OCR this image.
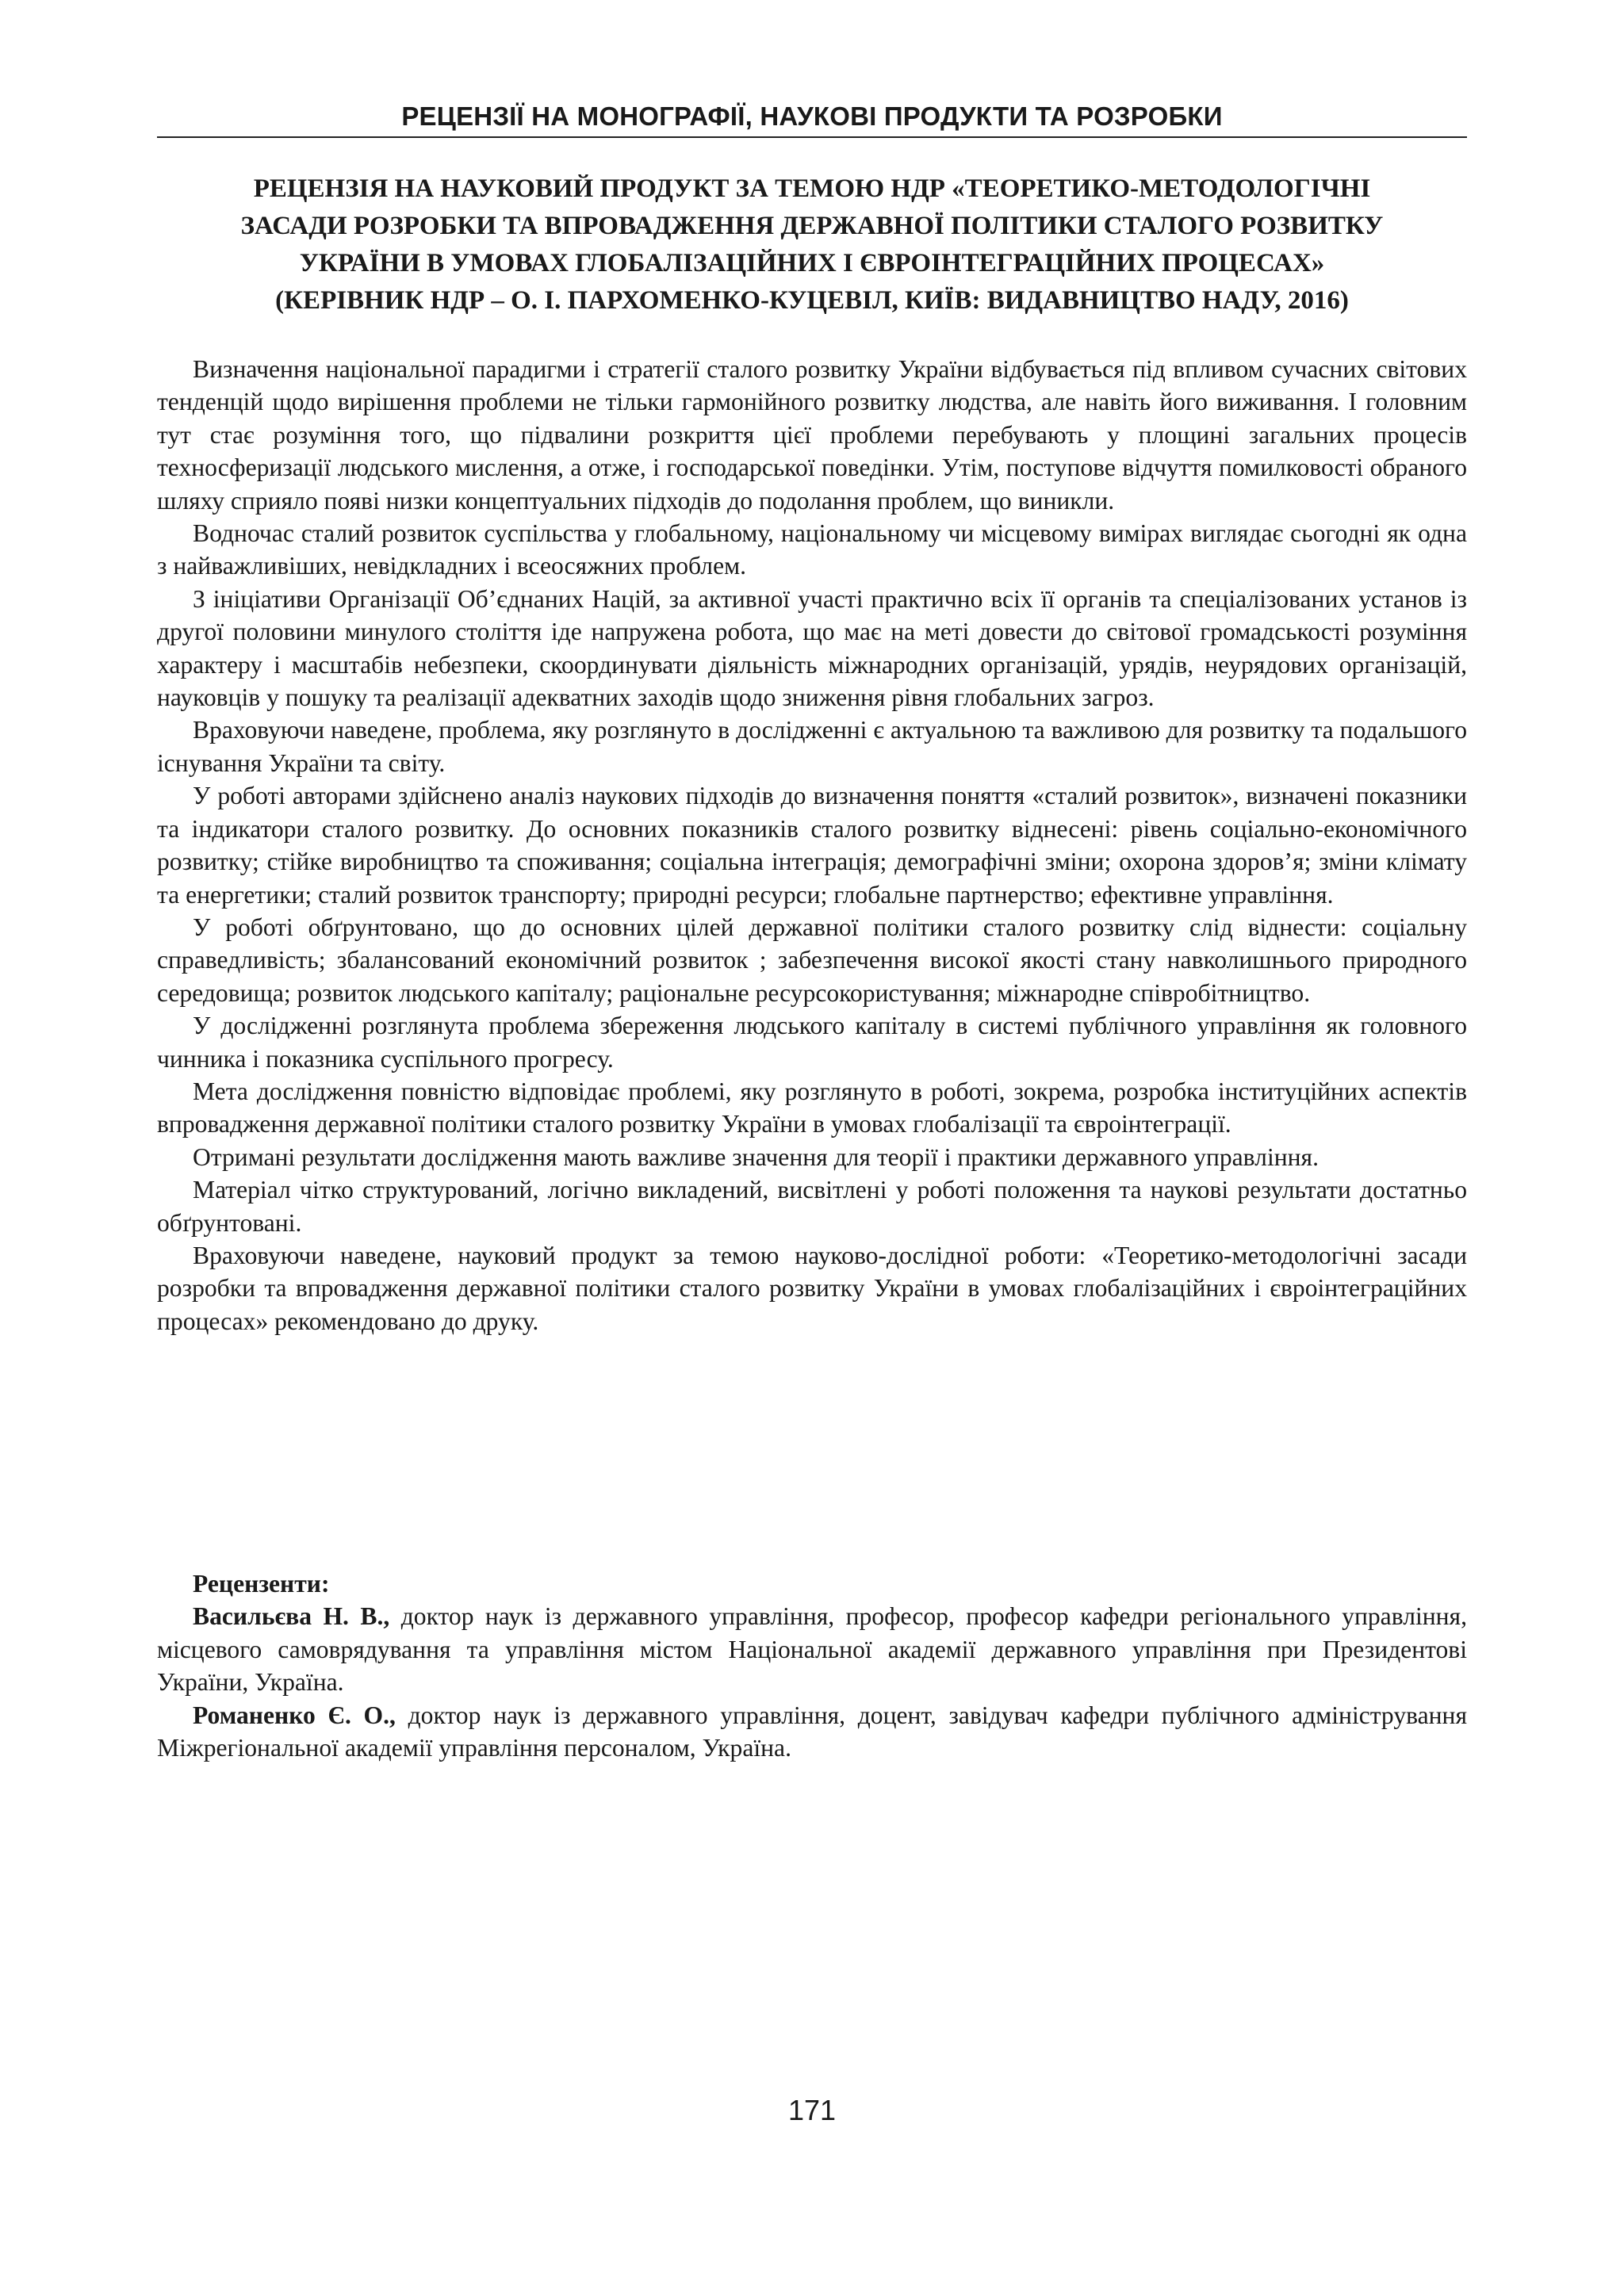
РЕЦЕНЗІЇ НА МОНОГРАФІЇ, НАУКОВІ ПРОДУКТИ ТА РОЗРОБКИ
РЕЦЕНЗІЯ НА НАУКОВИЙ ПРОДУКТ ЗА ТЕМОЮ НДР «ТЕОРЕТИКО-МЕТОДОЛОГІЧНІ
ЗАСАДИ РОЗРОБКИ ТА ВПРОВАДЖЕННЯ ДЕРЖАВНОЇ ПОЛІТИКИ СТАЛОГО РОЗВИТКУ
УКРАЇНИ В УМОВАХ ГЛОБАЛІЗАЦІЙНИХ І ЄВРОІНТЕГРАЦІЙНИХ ПРОЦЕСАХ»
(КЕРІВНИК НДР – О. І. ПАРХОМЕНКО-КУЦЕВІЛ, КИЇВ: ВИДАВНИЦТВО НАДУ, 2016)

Визначення національної парадигми і стратегії сталого розвитку України відбувається під впливом сучасних світових тенденцій щодо вирішення проблеми не тільки гармонійного розвитку людства, але навіть його виживання. І головним тут стає розуміння того, що підвалини розкриття цієї проблеми перебувають у площині загальних процесів техносферизації людського мислення, а отже, і господарської поведінки. Утім, поступове відчуття помилковості обраного шляху сприяло появі низки концептуальних підходів до подолання проблем, що виникли.

Водночас сталий розвиток суспільства у глобальному, національному чи місцевому вимірах виглядає сьогодні як одна з найважливіших, невідкладних і всеосяжних проблем.

З ініціативи Організації Об’єднаних Націй, за активної участі практично всіх її органів та спеціалізованих установ із другої половини минулого століття іде напружена робота, що має на меті довести до світової громадськості розуміння характеру і масштабів небезпеки, скоординувати діяльність міжнародних організацій, урядів, неурядових організацій, науковців у пошуку та реалізації адекватних заходів щодо зниження рівня глобальних загроз.

Враховуючи наведене, проблема, яку розглянуто в дослідженні є актуальною та важливою для розвитку та подальшого існування України та світу.

У роботі авторами здійснено аналіз наукових підходів до визначення поняття «сталий розвиток», визначені показники та індикатори сталого розвитку. До основних показників сталого розвитку віднесені: рівень соціально-економічного розвитку; стійке виробництво та споживання; соціальна інтеграція; демографічні зміни; охорона здоров’я; зміни клімату та енергетики; сталий розвиток транспорту; природні ресурси; глобальне партнерство; ефективне управління.

У роботі обґрунтовано, що до основних цілей державної політики сталого розвитку слід віднести: соціальну справедливість; збалансований економічний розвиток ; забезпечення високої якості стану навколишнього природного середовища; розвиток людського капіталу; раціональне ресурсокористування; міжнародне співробітництво.

У дослідженні розглянута проблема збереження людського капіталу в системі публічного управління як головного чинника і показника суспільного прогресу.

Мета дослідження повністю відповідає проблемі, яку розглянуто в роботі, зокрема, розробка інституційних аспектів впровадження державної політики сталого розвитку України в умовах глобалізації та євроінтеграції.

Отримані результати дослідження мають важливе значення для теорії і практики державного управління.

Матеріал чітко структурований, логічно викладений, висвітлені у роботі положення та наукові результати достатньо обґрунтовані.

Враховуючи наведене, науковий продукт за темою науково-дослідної роботи: «Теоретико-методологічні засади розробки та впровадження державної політики сталого розвитку України в умовах глобалізаційних і євроінтеграційних процесах» рекомендовано до друку.

Рецензенти:

Васильєва Н. В., доктор наук із державного управління, професор, професор кафедри регіонального управління, місцевого самоврядування та управління містом Національної академії державного управління при Президентові України, Україна.

Романенко Є. О., доктор наук із державного управління, доцент, завідувач кафедри публічного адміністрування Міжрегіональної академії управління персоналом, Україна.

171
